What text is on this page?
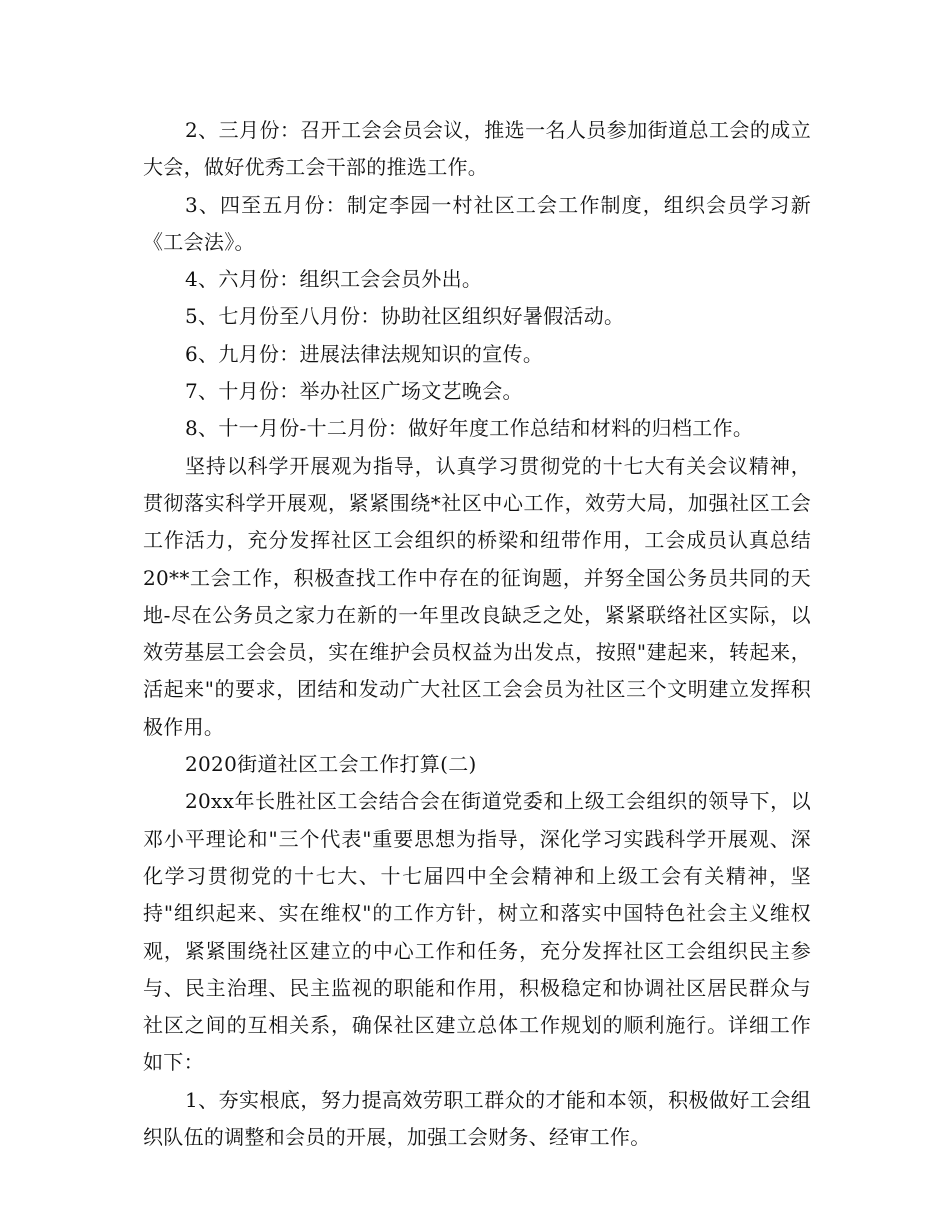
2、三月份：召开工会会员会议，推选一名人员参加街道总工会的成立大会，做好优秀工会干部的推选工作。

3、四至五月份：制定李园一村社区工会工作制度，组织会员学习新《工会法》。

4、六月份：组织工会会员外出。

5、七月份至八月份：协助社区组织好暑假活动。

6、九月份：进展法律法规知识的宣传。

7、十月份：举办社区广场文艺晚会。

8、十一月份-十二月份：做好年度工作总结和材料的归档工作。

坚持以科学开展观为指导，认真学习贯彻党的十七大有关会议精神，贯彻落实科学开展观，紧紧围绕*社区中心工作，效劳大局，加强社区工会工作活力，充分发挥社区工会组织的桥梁和纽带作用，工会成员认真总结20**工会工作，积极查找工作中存在的征询题，并努全国公务员共同的天地-尽在公务员之家力在新的一年里改良缺乏之处，紧紧联络社区实际，以效劳基层工会会员，实在维护会员权益为出发点，按照"建起来，转起来，活起来"的要求，团结和发动广大社区工会会员为社区三个文明建立发挥积极作用。

2020街道社区工会工作打算(二)

20xx年长胜社区工会结合会在街道党委和上级工会组织的领导下，以邓小平理论和"三个代表"重要思想为指导，深化学习实践科学开展观、深化学习贯彻党的十七大、十七届四中全会精神和上级工会有关精神，坚持"组织起来、实在维权"的工作方针，树立和落实中国特色社会主义维权观，紧紧围绕社区建立的中心工作和任务，充分发挥社区工会组织民主参与、民主治理、民主监视的职能和作用，积极稳定和协调社区居民群众与社区之间的互相关系，确保社区建立总体工作规划的顺利施行。详细工作如下：

1、夯实根底，努力提高效劳职工群众的才能和本领，积极做好工会组织队伍的调整和会员的开展，加强工会财务、经审工作。
